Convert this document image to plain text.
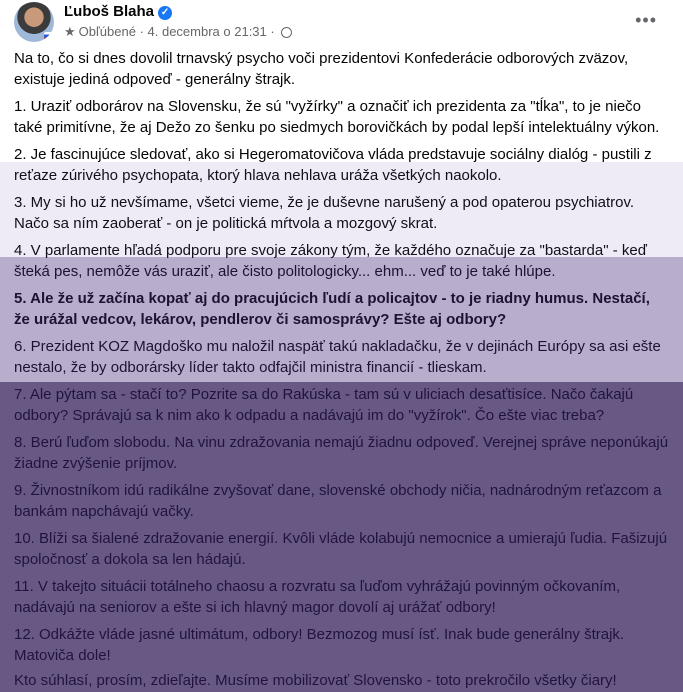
Ľuboš Blaha ✓
★ Obľúbené · 4. decembra o 21:31 ·
•••

Na to, čo si dnes dovolil trnavský psycho voči prezidentovi Konfederácie odborových zväzov, existuje jediná odpoveď - generálny štrajk.

1. Uraziť odborárov na Slovensku, že sú "vyžírky" a označiť ich prezidenta za "tĺka", to je niečo také primitívne, že aj Dežo zo šenku po siedmych borovičkách by podal lepší intelektuálny výkon.

2. Je fascinujúce sledovať, ako si Hegeromatovičova vláda predstavuje sociálny dialóg - pustili z reťaze zúrivého psychopata, ktorý hlava nehlava uráža všetkých naokolo.

3. My si ho už nevšímame, všetci vieme, že je duševne narušený a pod opaterou psychiatrov. Načo sa ním zaoberať - on je politická mŕtvola a mozgový skrat.

4. V parlamente hľadá podporu pre svoje zákony tým, že každého označuje za "bastarda" - keď šteká pes, nemôže vás uraziť, ale čisto politologicky... ehm... veď to je také hlúpe.

5. Ale že už začína kopať aj do pracujúcich ľudí a policajtov - to je riadny humus. Nestačí, že urážal vedcov, lekárov, pendlerov či samosprávy? Ešte aj odbory?

6. Prezident KOZ Magdoško mu naložil naspäť takú nakladačku, že v dejinách Európy sa asi ešte nestalo, že by odborársky líder takto odfajčil ministra financií - tlieskam.
